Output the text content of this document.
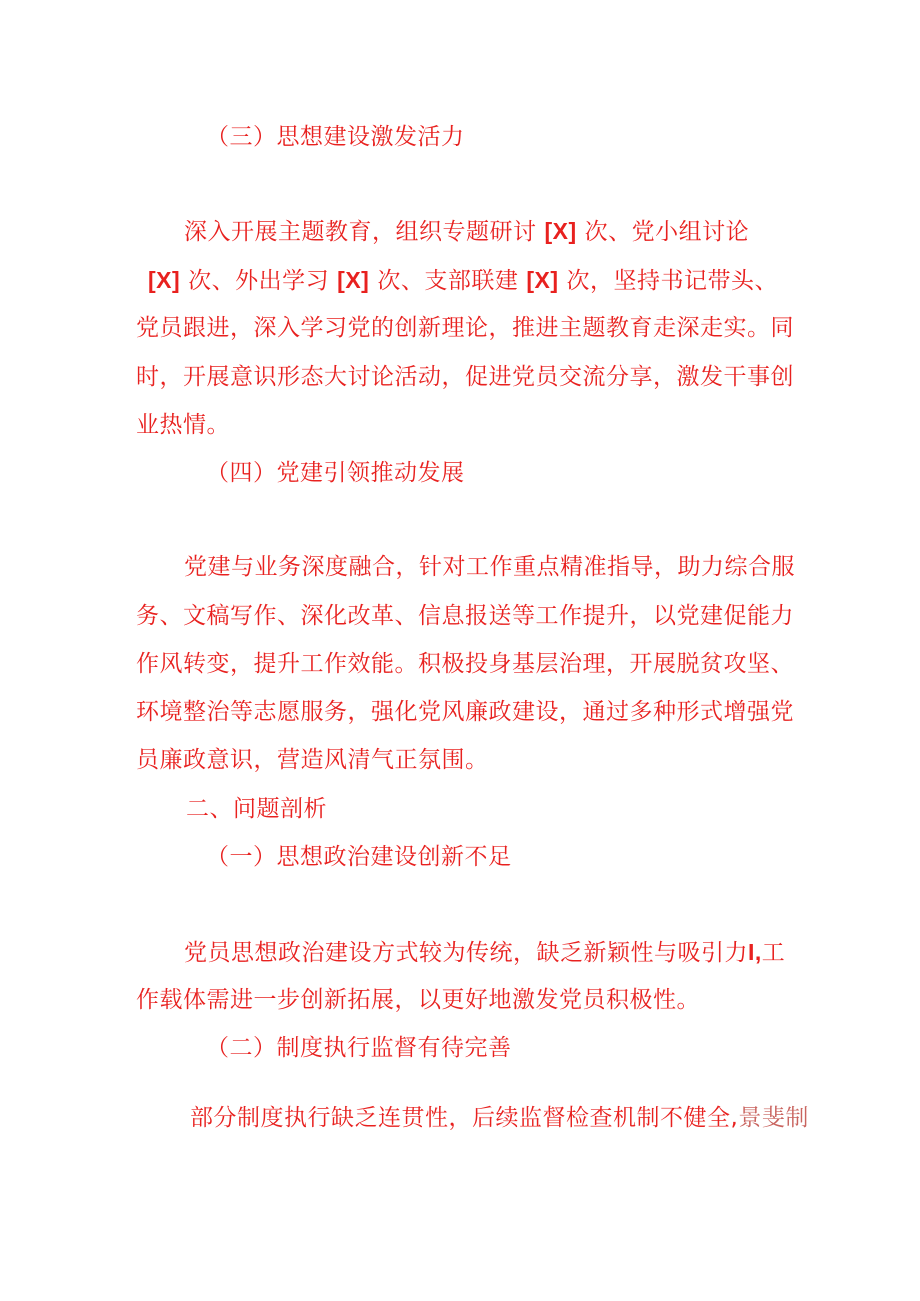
（三）思想建设激发活力
深入开展主题教育，组织专题研讨 [X] 次、党小组讨论
[X] 次、外出学习 [X] 次、支部联建 [X] 次，坚持书记带头、
党员跟进，深入学习党的创新理论，推进主题教育走深走实。同
时，开展意识形态大讨论活动，促进党员交流分享，激发干事创
业热情。
（四）党建引领推动发展
党建与业务深度融合，针对工作重点精准指导，助力综合服
务、文稿写作、深化改革、信息报送等工作提升，以党建促能力
作风转变，提升工作效能。积极投身基层治理，开展脱贫攻坚、
环境整治等志愿服务，强化党风廉政建设，通过多种形式增强党
员廉政意识，营造风清气正氛围。
二、问题剖析
（一）思想政治建设创新不足
党员思想政治建设方式较为传统，缺乏新颖性与吸引力I,工
作载体需进一步创新拓展，以更好地激发党员积极性。
（二）制度执行监督有待完善
部分制度执行缺乏连贯性，后续监督检查机制不健全,景斐制
